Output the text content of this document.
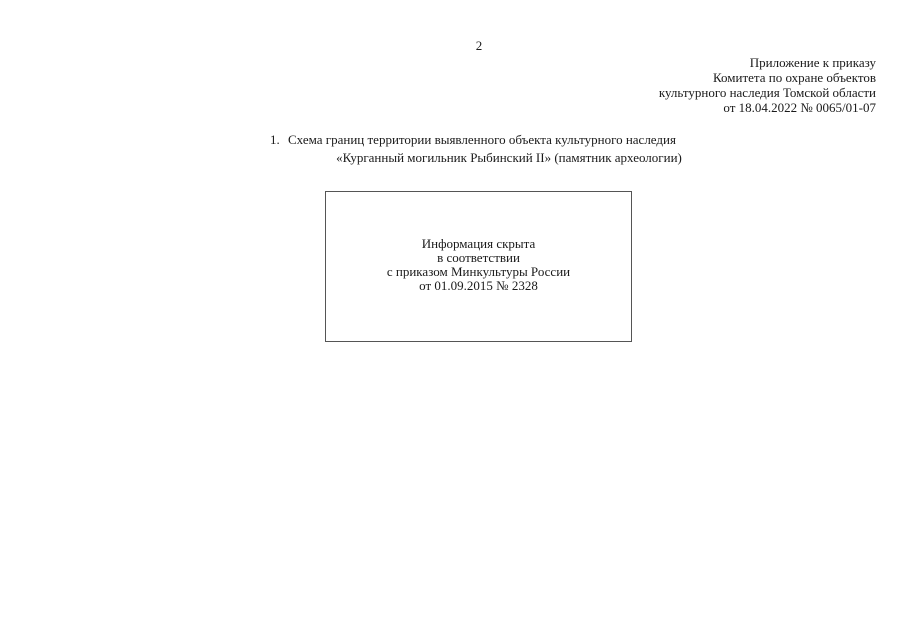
2
Приложение к приказу
Комитета по охране объектов
культурного наследия Томской области
от 18.04.2022 № 0065/01-07
1. Схема границ территории выявленного объекта культурного наследия
«Курганный могильник Рыбинский II» (памятник археологии)
Информация скрыта
в соответствии
с приказом Минкультуры России
от 01.09.2015 № 2328
